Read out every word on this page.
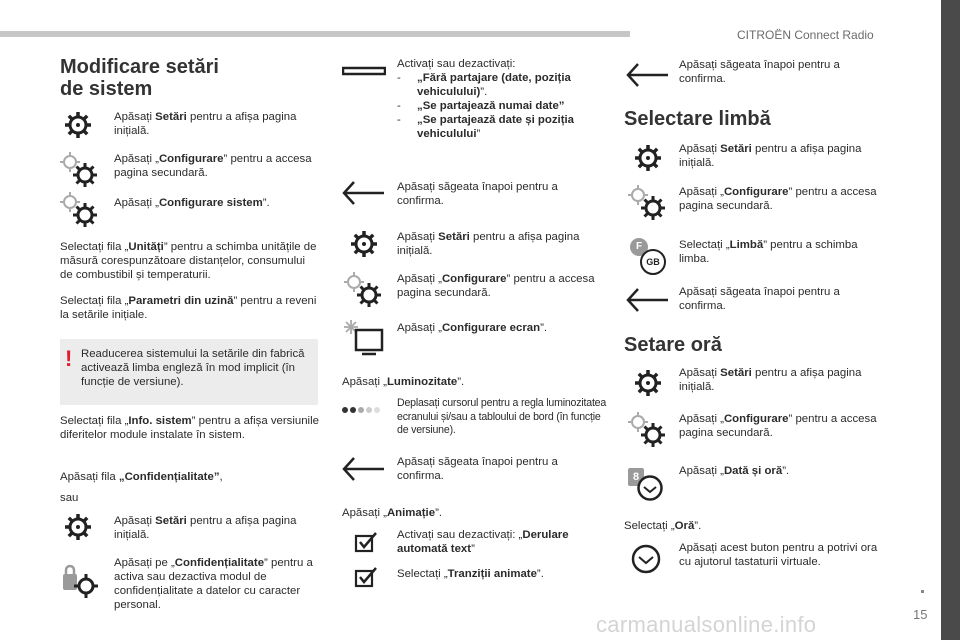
CITROËN Connect Radio
15
carmanualsonline.info
Modificare setări
de sistem
Apăsați Setări pentru a afișa pagina inițială.
Apăsați „Configurare” pentru a accesa pagina secundară.
Apăsați „Configurare sistem”.
Selectați fila „Unități” pentru a schimba unitățile de măsură corespunzătoare distanțelor, consumului de combustibil și temperaturii.
Selectați fila „Parametri din uzină” pentru a reveni la setările inițiale.
! Readucerea sistemului la setările din fabrică activează limba engleză în mod implicit (în funcție de versiune).
Selectați fila „Info. sistem” pentru a afișa versiunile diferitelor module instalate în sistem.
Apăsați fila „Confidențialitate”,
sau
Apăsați Setări pentru a afișa pagina inițială.
Apăsați pe „Confidențialitate” pentru a activa sau dezactiva modul de confidențialitate a datelor cu caracter personal.
Activați sau dezactivați:
-	„Fără partajare (date, poziția vehiculului)”.
-	„Se partajează numai date”
-	„Se partajează date și poziția vehiculului”
Apăsați săgeata înapoi pentru a confirma.
Apăsați Setări pentru a afișa pagina inițială.
Apăsați „Configurare” pentru a accesa pagina secundară.
Apăsați „Configurare ecran”.
Apăsați „Luminozitate”.
Deplasați cursorul pentru a regla luminozitatea ecranului și/sau a tabloului de bord (în funcție de versiune).
Apăsați săgeata înapoi pentru a confirma.
Apăsați „Animație”.
Activați sau dezactivați: „Derulare automată text”
Selectați „Tranziții animate”.
Apăsați săgeata înapoi pentru a confirma.
Selectare limbă
Apăsați Setări pentru a afișa pagina inițială.
Apăsați „Configurare” pentru a accesa pagina secundară.
F
GB
Selectați „Limbă” pentru a schimba limba.
Apăsați săgeata înapoi pentru a confirma.
Setare oră
Apăsați Setări pentru a afișa pagina inițială.
Apăsați „Configurare” pentru a accesa pagina secundară.
8	Apăsați „Dată și oră”.
Selectați „Oră”.
Apăsați acest buton pentru a potrivi ora cu ajutorul tastaturii virtuale.
